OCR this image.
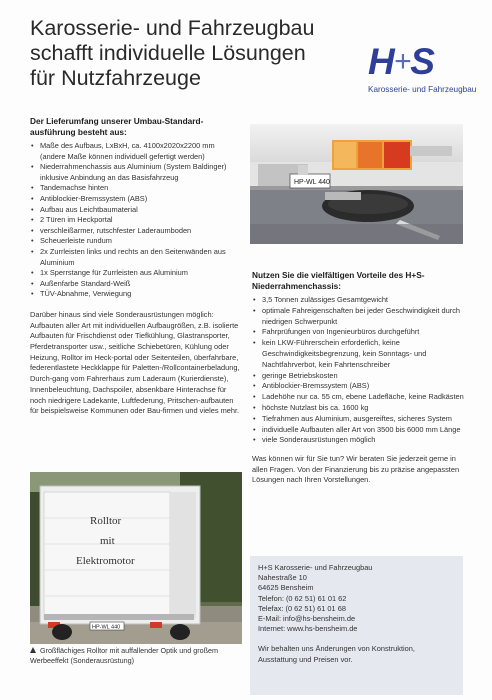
Karosserie- und Fahrzeugbau
schafft individuelle Lösungen
für Nutzfahrzeuge	H+S
Karosserie- und Fahrzeugbau
Der Lieferumfang unserer Umbau-Standard-ausführung besteht aus:
• Maße des Aufbaus, LxBxH, ca. 4100x2020x2200 mm (andere Maße können individuell gefertigt werden)
• Niederrahmenchassis aus Aluminium (System Baldinger) inklusive Anbindung an das Basisfahrzeug
• Tandemachse hinten
• Antiblockier-Bremssystem (ABS)
• Aufbau aus Leichtbaumaterial
• 2 Türen im Heckportal
• verschleißarmer, rutschfester Laderaumboden
• Scheuerleiste rundum
• 2x Zurrleisten links und rechts an den Seitenwänden aus Aluminium
• 1x Sperrstange für Zurrleisten aus Aluminium
• Außenfarbe Standard-Weiß
• TÜV-Abnahme, Verwiegung

Darüber hinaus sind viele Sonderausrüstungen möglich: Aufbauten aller Art mit individuellen Aufbaugrößen, z.B. isolierte Aufbauten für Frischdienst oder Tiefkühlung, Glastransporter, Pferdetransporter usw., seitliche Schiebetüren, Kühlung oder Heizung, Rolltor im Heck-portal oder Seitenteilen, überfahrbare, federentlastete Heckklappe für Paletten-/Rollcontainerbeladung, Durch-gang vom Fahrerhaus zum Laderaum (Kurierdienste), Innenbeleuchtung, Dachspoiler, absenkbare Hinterachse für noch niedrigere Ladekante, Luftfederung, Pritschen-aufbauten für beispielsweise Kommunen oder Bau-firmen und vieles mehr.

HP-WL 440
Nutzen Sie die vielfältigen Vorteile des H+S-Niederrahmenchassis:
• 3,5 Tonnen zulässiges Gesamtgewicht
• optimale Fahreigenschaften bei jeder Geschwindigkeit durch niedrigen Schwerpunkt
• Fahrprüfungen von Ingenieurbüros durchgeführt
• kein LKW-Führerschein erforderlich, keine Geschwindigkeitsbegrenzung, kein Sonntags- und Nachtfahrverbot, kein Fahrtenschreiber
• geringe Betriebskosten
• Antiblockier-Bremssystem (ABS)
• Ladehöhe nur ca. 55 cm, ebene Ladefläche, keine Radkästen
• höchste Nutzlast bis ca. 1600 kg
• Tiefrahmen aus Aluminium, ausgereiftes, sicheres System
• individuelle Aufbauten aller Art von 3500 bis 6000 mm Länge
• viele Sonderausrüstungen möglich

Was können wir für Sie tun? Wir beraten Sie jederzeit gerne in allen Fragen. Von der Finanzierung bis zu präzise angepassten Lösungen nach Ihren Vorstellungen.

Rolltor
mit
Elektromotor
HP-WL 440
Großflächiges Rolltor mit auffallender Optik und großem Werbeeffekt (Sonderausrüstung)

H+S Karosserie- und Fahrzeugbau

Nahestraße 10

64625 Bensheim

Telefon: (0 62 51) 61 01 62

Telefax: (0 62 51) 61 01 68

E-Mail: info@hs-bensheim.de

Internet: www.hs-bensheim.de

Wir behalten uns Änderungen von Konstruktion,

Ausstattung und Preisen vor.
